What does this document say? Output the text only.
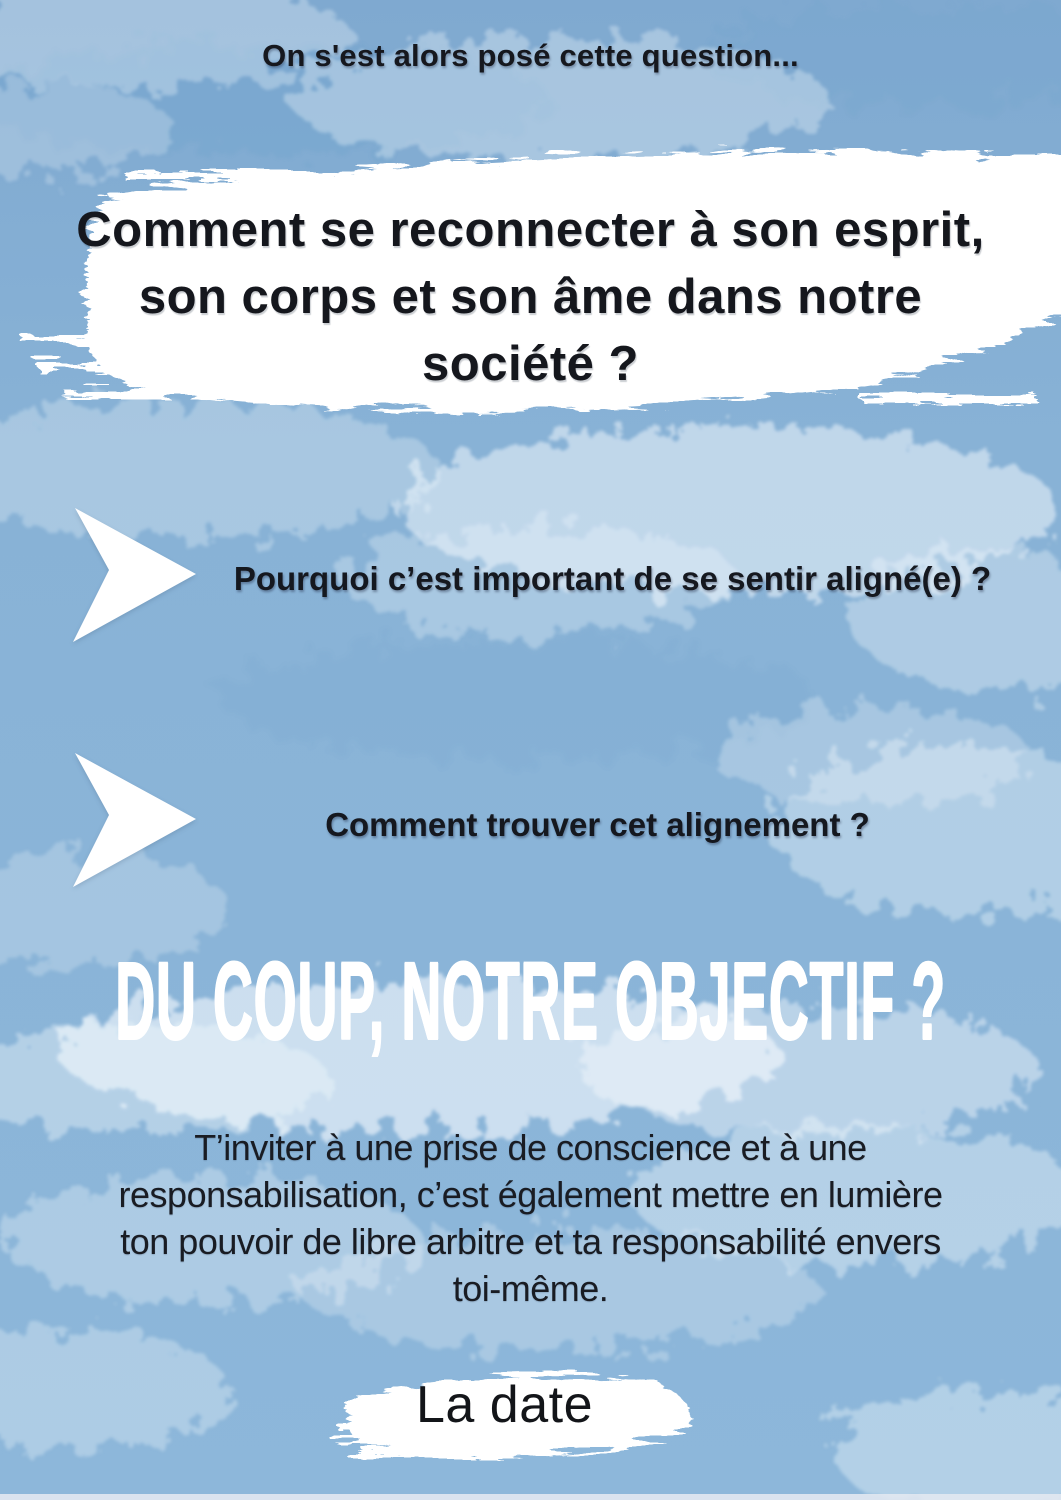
On s'est alors posé cette question...
Comment se reconnecter à son esprit,
son corps et son âme dans notre
société ?
Pourquoi c’est important de se sentir aligné(e) ?
Comment trouver cet alignement ?
DU COUP, NOTRE OBJECTIF ?
T’inviter à une prise de conscience et à une
responsabilisation, c’est également mettre en lumière
ton pouvoir de libre arbitre et ta responsabilité envers
toi-même.
La date
